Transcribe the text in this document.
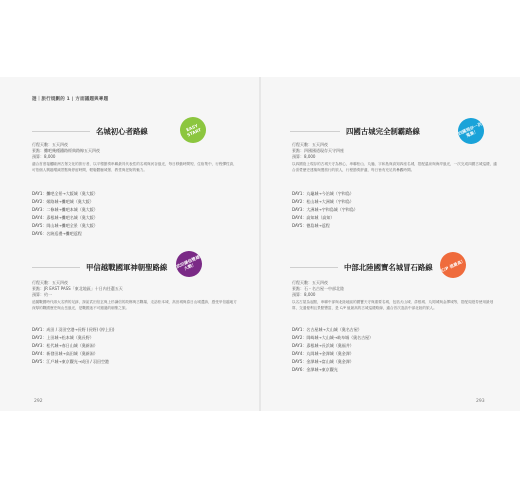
遊｜旅行規劃的 1 | 方面議題與專題
名城初心者路線	EASY START
行程天數：五天四夜
景點：攤吧幾種鐵路經典路線五天四夜
預算：8,000
適合首度接觸歐洲古堡文化的旅行者，以平穩節奏串聯最具代表性的名城與河谷風光，每日移動時間短、住宿集中，行程彈性高，可依個人興趣增減景點與停留時間，輕鬆體驗城堡、教堂與老街的魅力。
DAY1：攤吧全景→大阪城（奧大阪）
DAY2：姬路城→攤吧城（奧大阪）
DAY3：二條城→攤吧本城（奧大阪）
DAY4：彥根城→攤吧名城（奧大阪）
DAY5：岡山城→攤吧全景（奧大阪）
DAY6：名跡巡禮→攤吧返程
四國古城完全制霸路線	四國現存一次蒐集！
行程天數：五天四夜
景點：四國國道現存天守四座
預算：8,000
以四國島上現存的古城天守為核心，串聯松山、丸龜、宇和島與高知四座名城，搭配溫泉與海岸風光，一次完成四國古城巡禮，適合喜愛歷史建築與慢旅行的旅人，行程節奏舒適，每日皆有充足的參觀時間。
DAY1：丸龜城→今治城（宇和島）
DAY2：松山城→大洲城（宇和島）
DAY3：大洲城→宇和島城（宇和島）
DAY4：高知城（高知）
DAY5：德島城→返程
甲信越戰國軍神朝聖路線	武田謙信雙雄大戰！
行程天數：五天四夜
景點：JR EAST PASS「東北地區」十日內任選五天
預算：約一
追隨戰國時代兩大名將的足跡，探訪武田信玄與上杉謙信的故鄉與古戰場，走訪松本城、高田城與春日山城遺跡，感受甲信越地方深厚的戰國歷史與山岳風光，是戰國迷不可錯過的朝聖之旅。
DAY1：成田 / 羽田空港→長野 (長野) (停上田)
DAY2：上田城→松本城（奧長野）
DAY3：松代城→春日山城（奧新潟）
DAY4：新發田城→高田城（奧新潟）
DAY5：江戶城→東京觀光→成田 / 羽田空港
中部北陸國寶名城冒石路線	C/P 值最高！
行程天數：五天四夜
景點：石 - 名古屋一中部北陸
預算：8,000
以名古屋為起點，串聯中部與北陸地區的國寶天守與重要名城，包括犬山城、彥根城、丸岡城與金澤城等，搭配周遊券使用最划算，交通便利且景點豐富，是 C/P 值最高的古城巡禮路線，適合首次造訪中部北陸的旅人。
DAY1：名古屋城→犬山城（奧名古屋）
DAY2：岡崎城→大山城→岐阜城（奧名古屋）
DAY3：彥根城→長浜城（奧福井）
DAY4：丸岡城→金澤城（奧金澤）
DAY5：金澤城→富山城（奧金澤）
DAY6：金澤城→東京觀光
292	293
